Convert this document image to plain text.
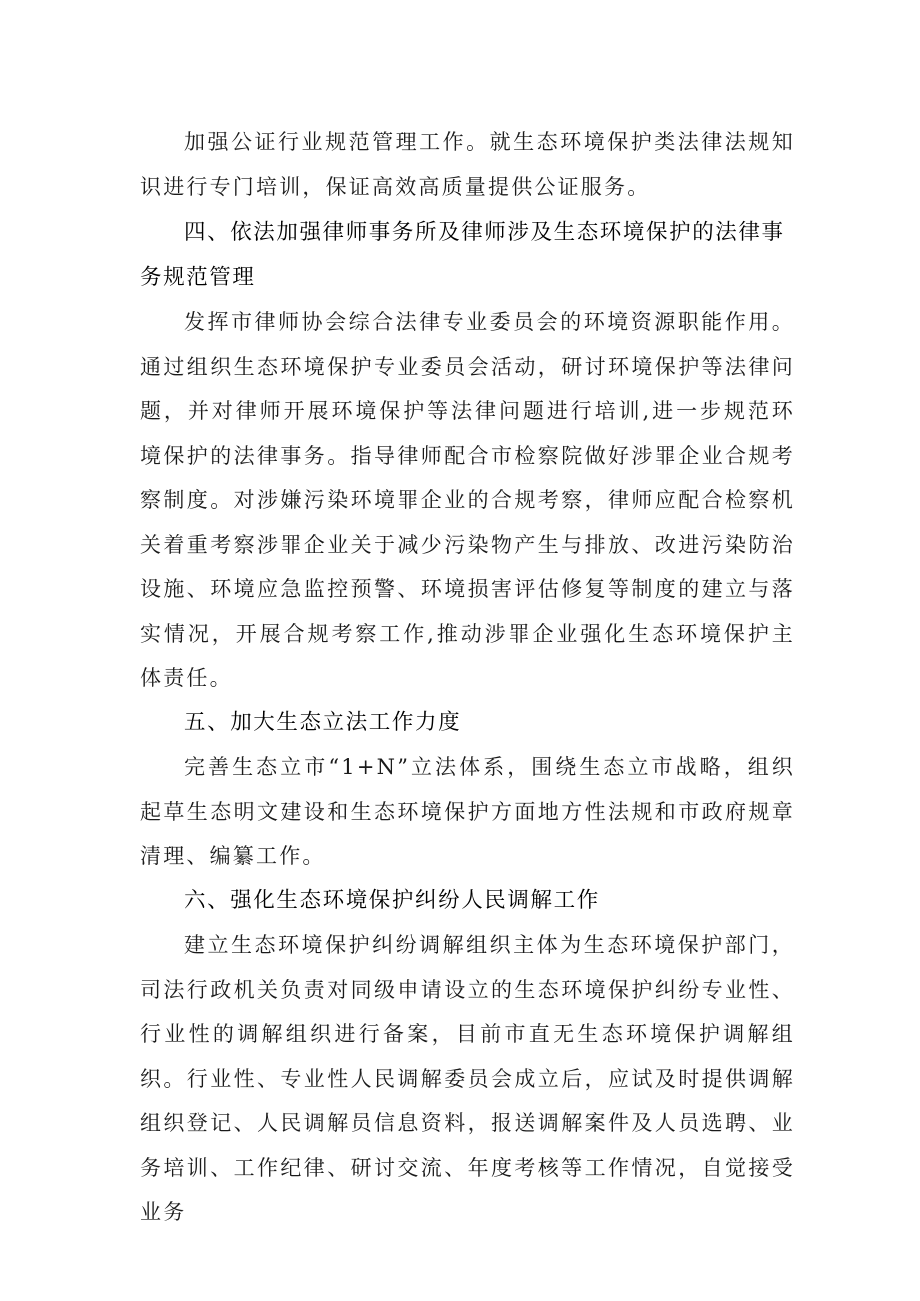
加强公证行业规范管理工作。就生态环境保护类法律法规知识进行专门培训，保证高效高质量提供公证服务。

四、依法加强律师事务所及律师涉及生态环境保护的法律事务规范管理

发挥市律师协会综合法律专业委员会的环境资源职能作用。通过组织生态环境保护专业委员会活动，研讨环境保护等法律问题，并对律师开展环境保护等法律问题进行培训,进一步规范环境保护的法律事务。指导律师配合市检察院做好涉罪企业合规考察制度。对涉嫌污染环境罪企业的合规考察，律师应配合检察机关着重考察涉罪企业关于减少污染物产生与排放、改进污染防治设施、环境应急监控预警、环境损害评估修复等制度的建立与落实情况，开展合规考察工作,推动涉罪企业强化生态环境保护主体责任。

五、加大生态立法工作力度

完善生态立市“1+N”立法体系，围绕生态立市战略，组织起草生态明文建设和生态环境保护方面地方性法规和市政府规章清理、编纂工作。

六、强化生态环境保护纠纷人民调解工作

建立生态环境保护纠纷调解组织主体为生态环境保护部门，司法行政机关负责对同级申请设立的生态环境保护纠纷专业性、行业性的调解组织进行备案，目前市直无生态环境保护调解组织。行业性、专业性人民调解委员会成立后，应试及时提供调解组织登记、人民调解员信息资料，报送调解案件及人员选聘、业务培训、工作纪律、研讨交流、年度考核等工作情况，自觉接受业务
